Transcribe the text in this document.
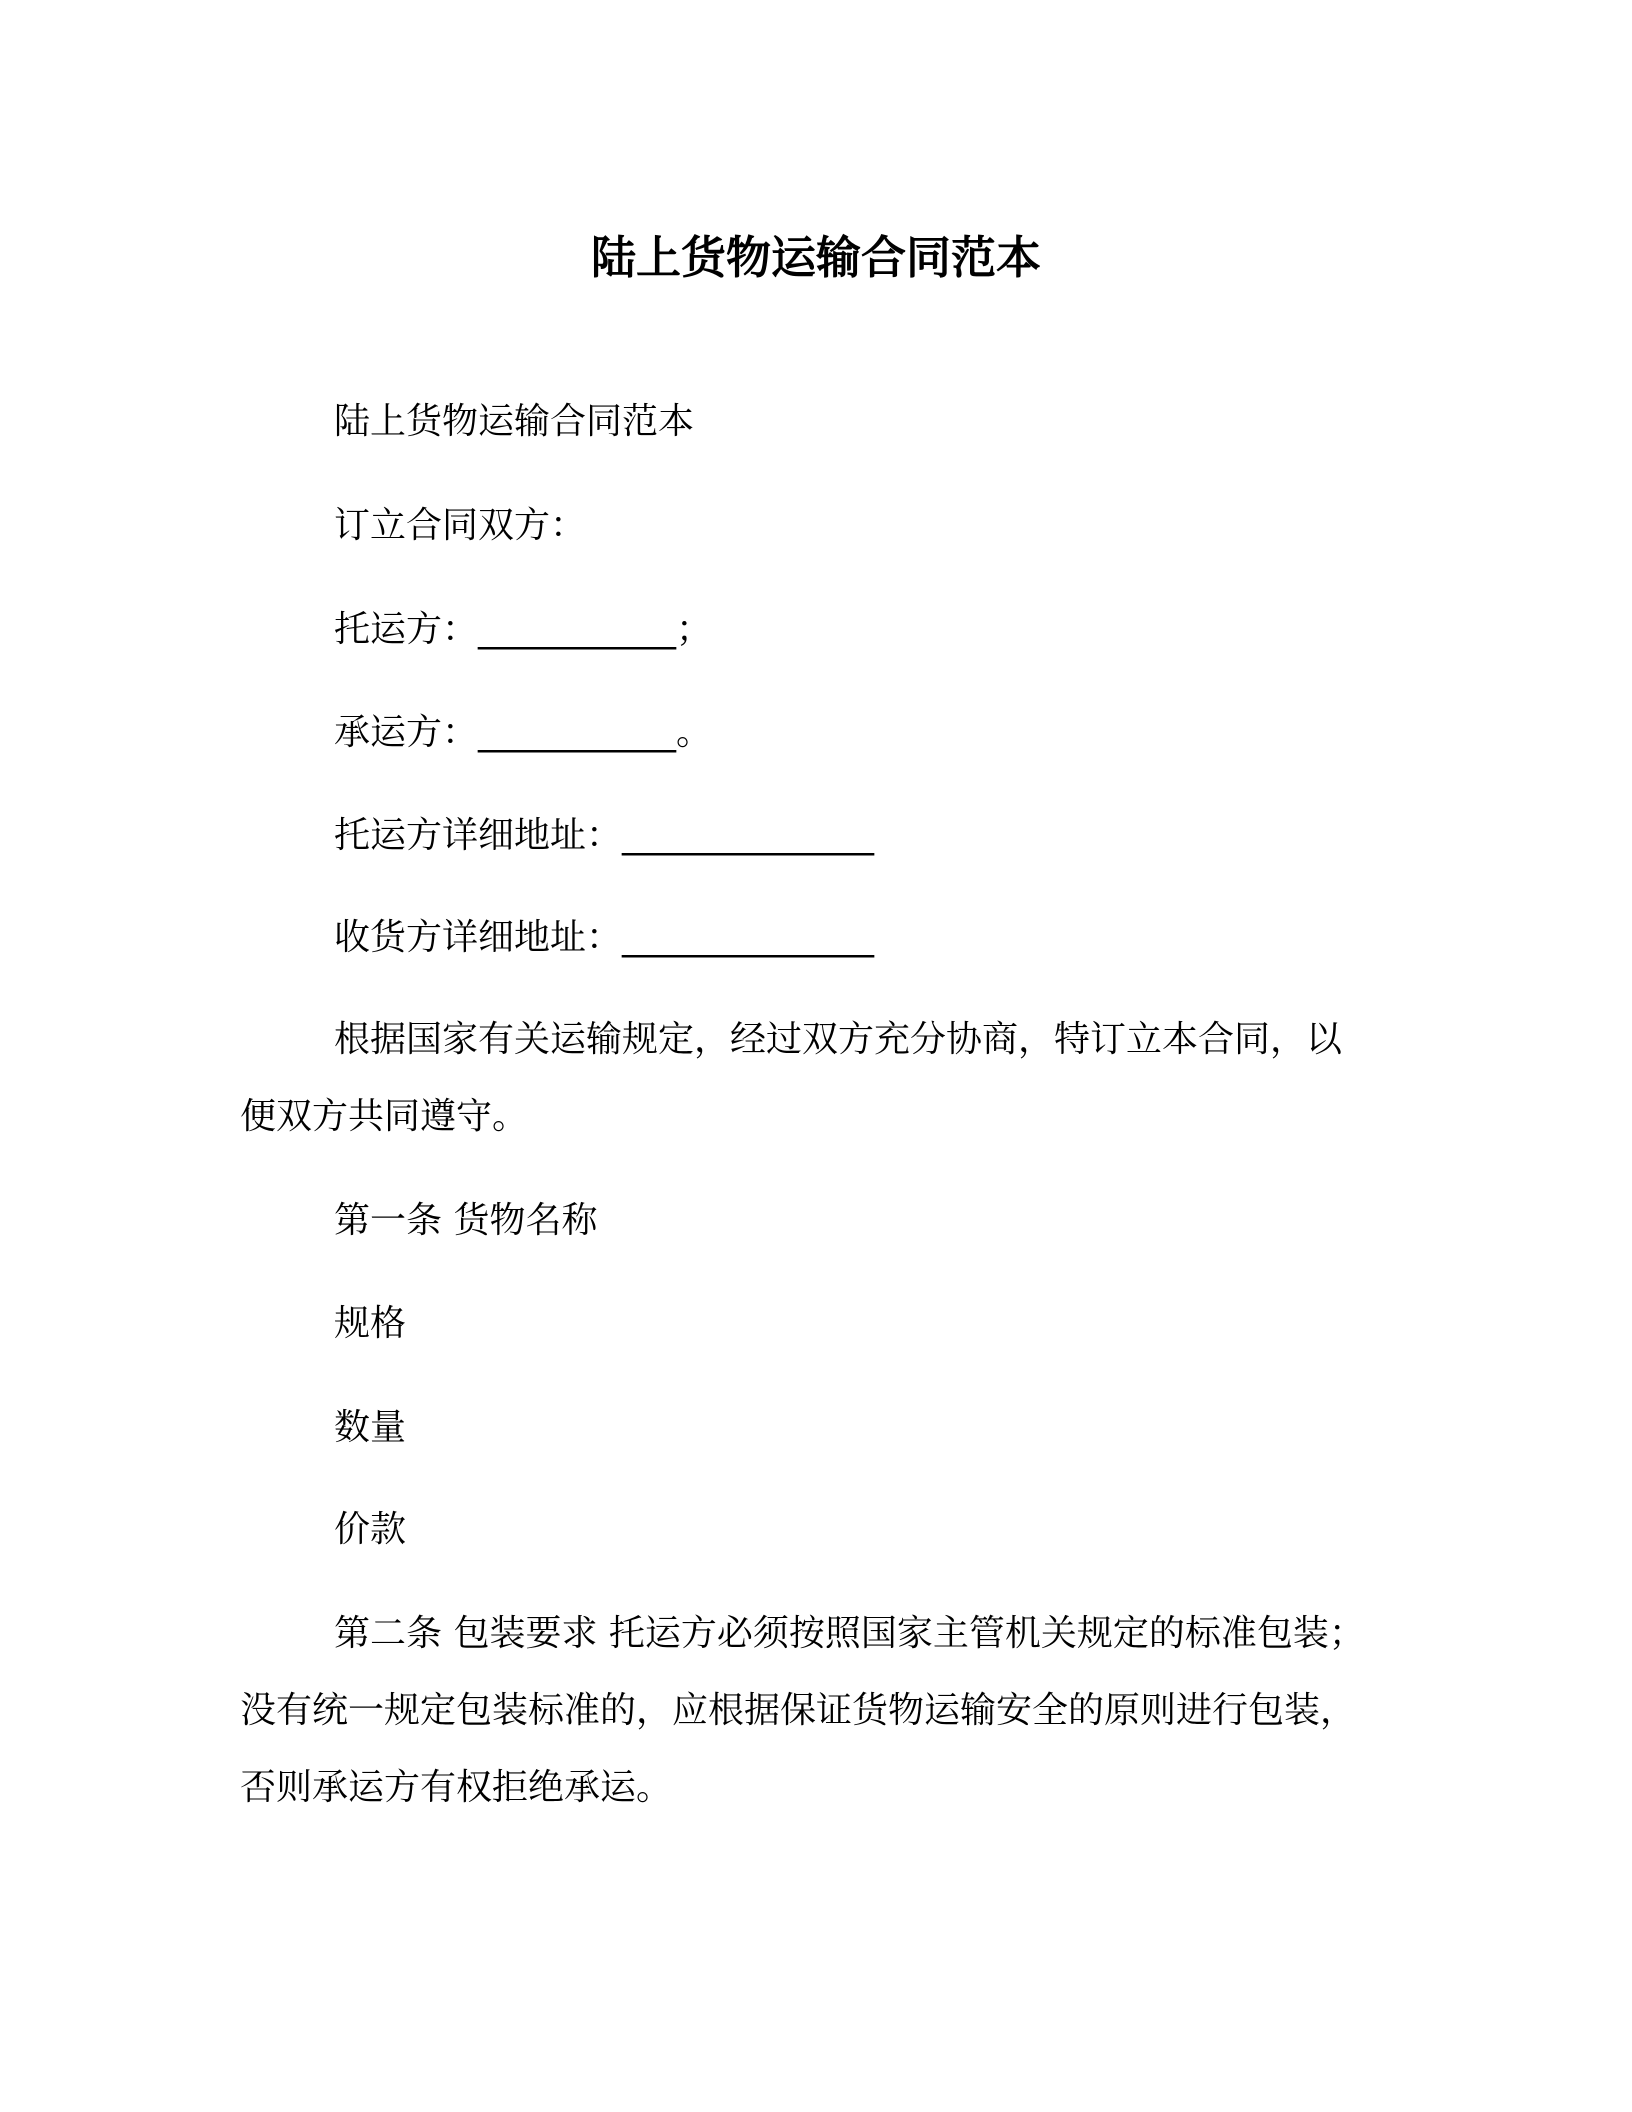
陆上货物运输合同范本
陆上货物运输合同范本
订立合同双方：
托运方：___________；
承运方：___________。
托运方详细地址：______________
收货方详细地址：______________
根据国家有关运输规定，经过双方充分协商，特订立本合同，以
便双方共同遵守。
第一条 货物名称
规格
数量
价款
第二条 包装要求 托运方必须按照国家主管机关规定的标准包装；
没有统一规定包装标准的，应根据保证货物运输安全的原则进行包装，
否则承运方有权拒绝承运。
